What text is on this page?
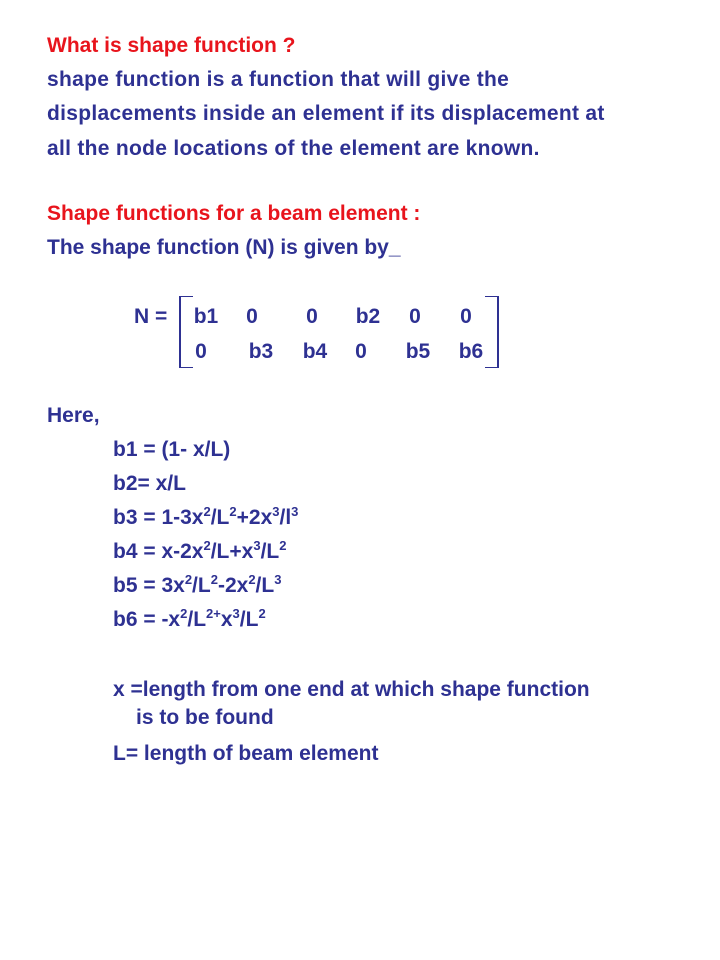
What is shape function ?
shape function is a function that will give the
displacements inside an element if its displacement at
all the node locations of the element are known.
Shape functions for a beam element :
The shape function (N) is given by_
N =	b1	0	0	b2	0	0
0	b3	b4	0	b5	b6
Here,
b1 = (1- x/L)
b2= x/L
$b3 = 1-3x^2/L^2+2x^3/l^3$
$b4 = x-2x^2/L+x^3/L^2$
$b5 = 3x^2/L^2-2x^2/L^3$
$b6 = -x^2/L^{2+}x^3/L^2$
x =length from one end at which shape function
is to be found
L= length of beam element
